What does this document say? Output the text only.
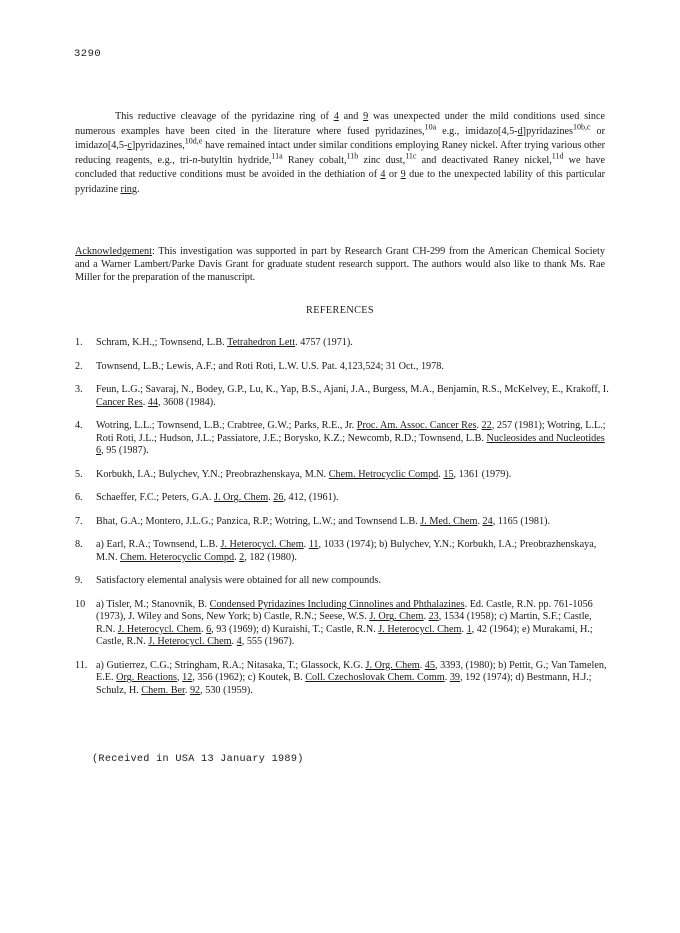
3290

This reductive cleavage of the pyridazine ring of 4 and 9 was unexpected under the mild conditions used since numerous examples have been cited in the literature where fused pyridazines,$^{10a}$ e.g., imidazo[4,5-d]pyridazines$^{10b,c}$ or imidazo[4,5-c]pyridazines,$^{10d,e}$ have remained intact under similar conditions employing Raney nickel. After trying various other reducing reagents, e.g., tri-n-butyltin hydride,$^{11a}$ Raney cobalt,$^{11b}$ zinc dust,$^{11c}$ and deactivated Raney nickel,$^{11d}$ we have concluded that reductive conditions must be avoided in the dethiation of 4 or 9 due to the unexpected lability of this particular pyridazine ring.

Acknowledgement: This investigation was supported in part by Research Grant CH-299 from the American Chemical Society and a Warner Lambert/Parke Davis Grant for graduate student research support. The authors would also like to thank Ms. Rae Miller for the preparation of the manuscript.
REFERENCES
1. Schram, K.H.,; Townsend, L.B. Tetrahedron Lett. 4757 (1971).
2. Townsend, L.B.; Lewis, A.F.; and Roti Roti, L.W. U.S. Pat. 4,123,524; 31 Oct., 1978.
3. Feun, L.G.; Savaraj, N., Bodey, G.P., Lu, K., Yap, B.S., Ajani, J.A., Burgess, M.A., Benjamin, R.S., McKelvey, E., Krakoff, I. Cancer Res. 44, 3608 (1984).
4. Wotring, L.L.; Townsend, L.B.; Crabtree, G.W.; Parks, R.E., Jr. Proc. Am. Assoc. Cancer Res. 22, 257 (1981); Wotring, L.L.; Roti Roti, J.L.; Hudson, J.L.; Passiatore, J.E.; Borysko, K.Z.; Newcomb, R.D.; Townsend, L.B. Nucleosides and Nucleotides 6, 95 (1987).
5. Korbukh, I.A.; Bulychev, Y.N.; Preobrazhenskaya, M.N. Chem. Hetrocyclic Compd. 15, 1361 (1979).
6. Schaeffer, F.C.; Peters, G.A. J. Org. Chem. 26, 412, (1961).
7. Bhat, G.A.; Montero, J.L.G.; Panzica, R.P.; Wotring, L.W.; and Townsend L.B. J. Med. Chem. 24, 1165 (1981).
8. a) Earl, R.A.; Townsend, L.B. J. Heterocycl. Chem. 11, 1033 (1974); b) Bulychev, Y.N.; Korbukh, I.A.; Preobrazhenskaya, M.N. Chem. Heterocyclic Compd. 2, 182 (1980).
9. Satisfactory elemental analysis were obtained for all new compounds.
10 a) Tisler, M.; Stanovnik, B. Condensed Pyridazines Including Cinnolines and Phthalazines. Ed. Castle, R.N. pp. 761-1056 (1973), J. Wiley and Sons, New York; b) Castle, R.N.; Seese, W.S. J. Org. Chem. 23, 1534 (1958); c) Martin, S.F.; Castle, R.N. J. Heterocycl. Chem. 6, 93 (1969); d) Kuraishi, T.; Castle, R.N. J. Heterocycl. Chem. 1, 42 (1964); e) Murakami, H.; Castle, R.N. J. Heterocycl. Chem. 4, 555 (1967).
11. a) Gutierrez, C.G.; Stringham, R.A.; Nitasaka, T.; Glassock, K.G. J. Org. Chem. 45, 3393, (1980); b) Pettit, G.; Van Tamelen, E.E. Org. Reactions, 12, 356 (1962); c) Koutek, B. Coll. Czechoslovak Chem. Comm. 39, 192 (1974); d) Bestmann, H.J.; Schulz, H. Chem. Ber. 92, 530 (1959).
(Received in USA 13 January 1989)
